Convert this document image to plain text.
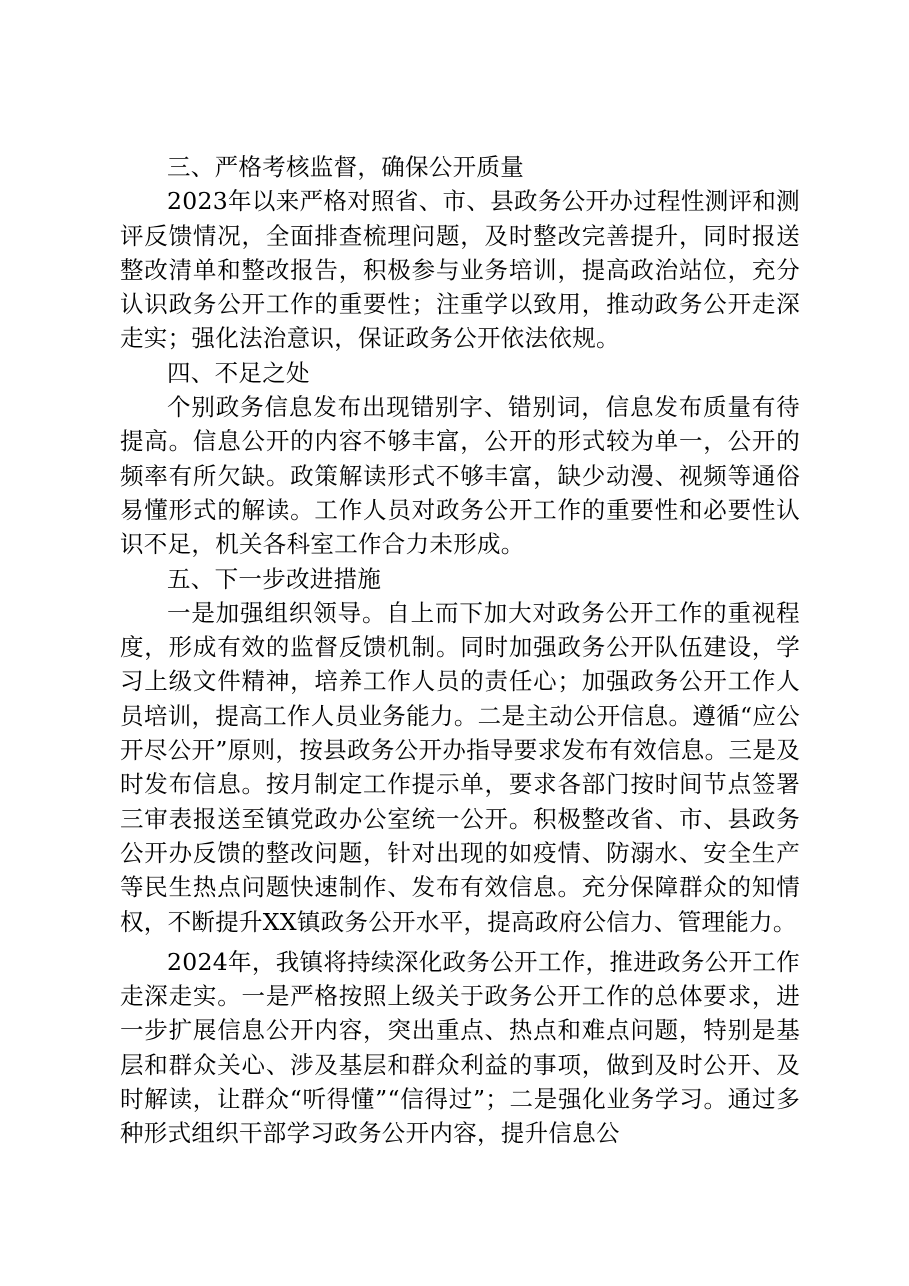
三、严格考核监督，确保公开质量

2023年以来严格对照省、市、县政务公开办过程性测评和测评反馈情况，全面排查梳理问题，及时整改完善提升，同时报送整改清单和整改报告，积极参与业务培训，提高政治站位，充分认识政务公开工作的重要性；注重学以致用，推动政务公开走深走实；强化法治意识，保证政务公开依法依规。

四、不足之处

个别政务信息发布出现错别字、错别词，信息发布质量有待提高。信息公开的内容不够丰富，公开的形式较为单一，公开的频率有所欠缺。政策解读形式不够丰富，缺少动漫、视频等通俗易懂形式的解读。工作人员对政务公开工作的重要性和必要性认识不足，机关各科室工作合力未形成。

五、下一步改进措施

一是加强组织领导。自上而下加大对政务公开工作的重视程度，形成有效的监督反馈机制。同时加强政务公开队伍建设，学习上级文件精神，培养工作人员的责任心；加强政务公开工作人员培训，提高工作人员业务能力。二是主动公开信息。遵循“应公开尽公开”原则，按县政务公开办指导要求发布有效信息。三是及时发布信息。按月制定工作提示单，要求各部门按时间节点签署三审表报送至镇党政办公室统一公开。积极整改省、市、县政务公开办反馈的整改问题，针对出现的如疫情、防溺水、安全生产等民生热点问题快速制作、发布有效信息。充分保障群众的知情权，不断提升XX镇政务公开水平，提高政府公信力、管理能力。

2024年，我镇将持续深化政务公开工作，推进政务公开工作走深走实。一是严格按照上级关于政务公开工作的总体要求，进一步扩展信息公开内容，突出重点、热点和难点问题，特别是基层和群众关心、涉及基层和群众利益的事项，做到及时公开、及时解读，让群众“听得懂”“信得过”；二是强化业务学习。通过多种形式组织干部学习政务公开内容，提升信息公
